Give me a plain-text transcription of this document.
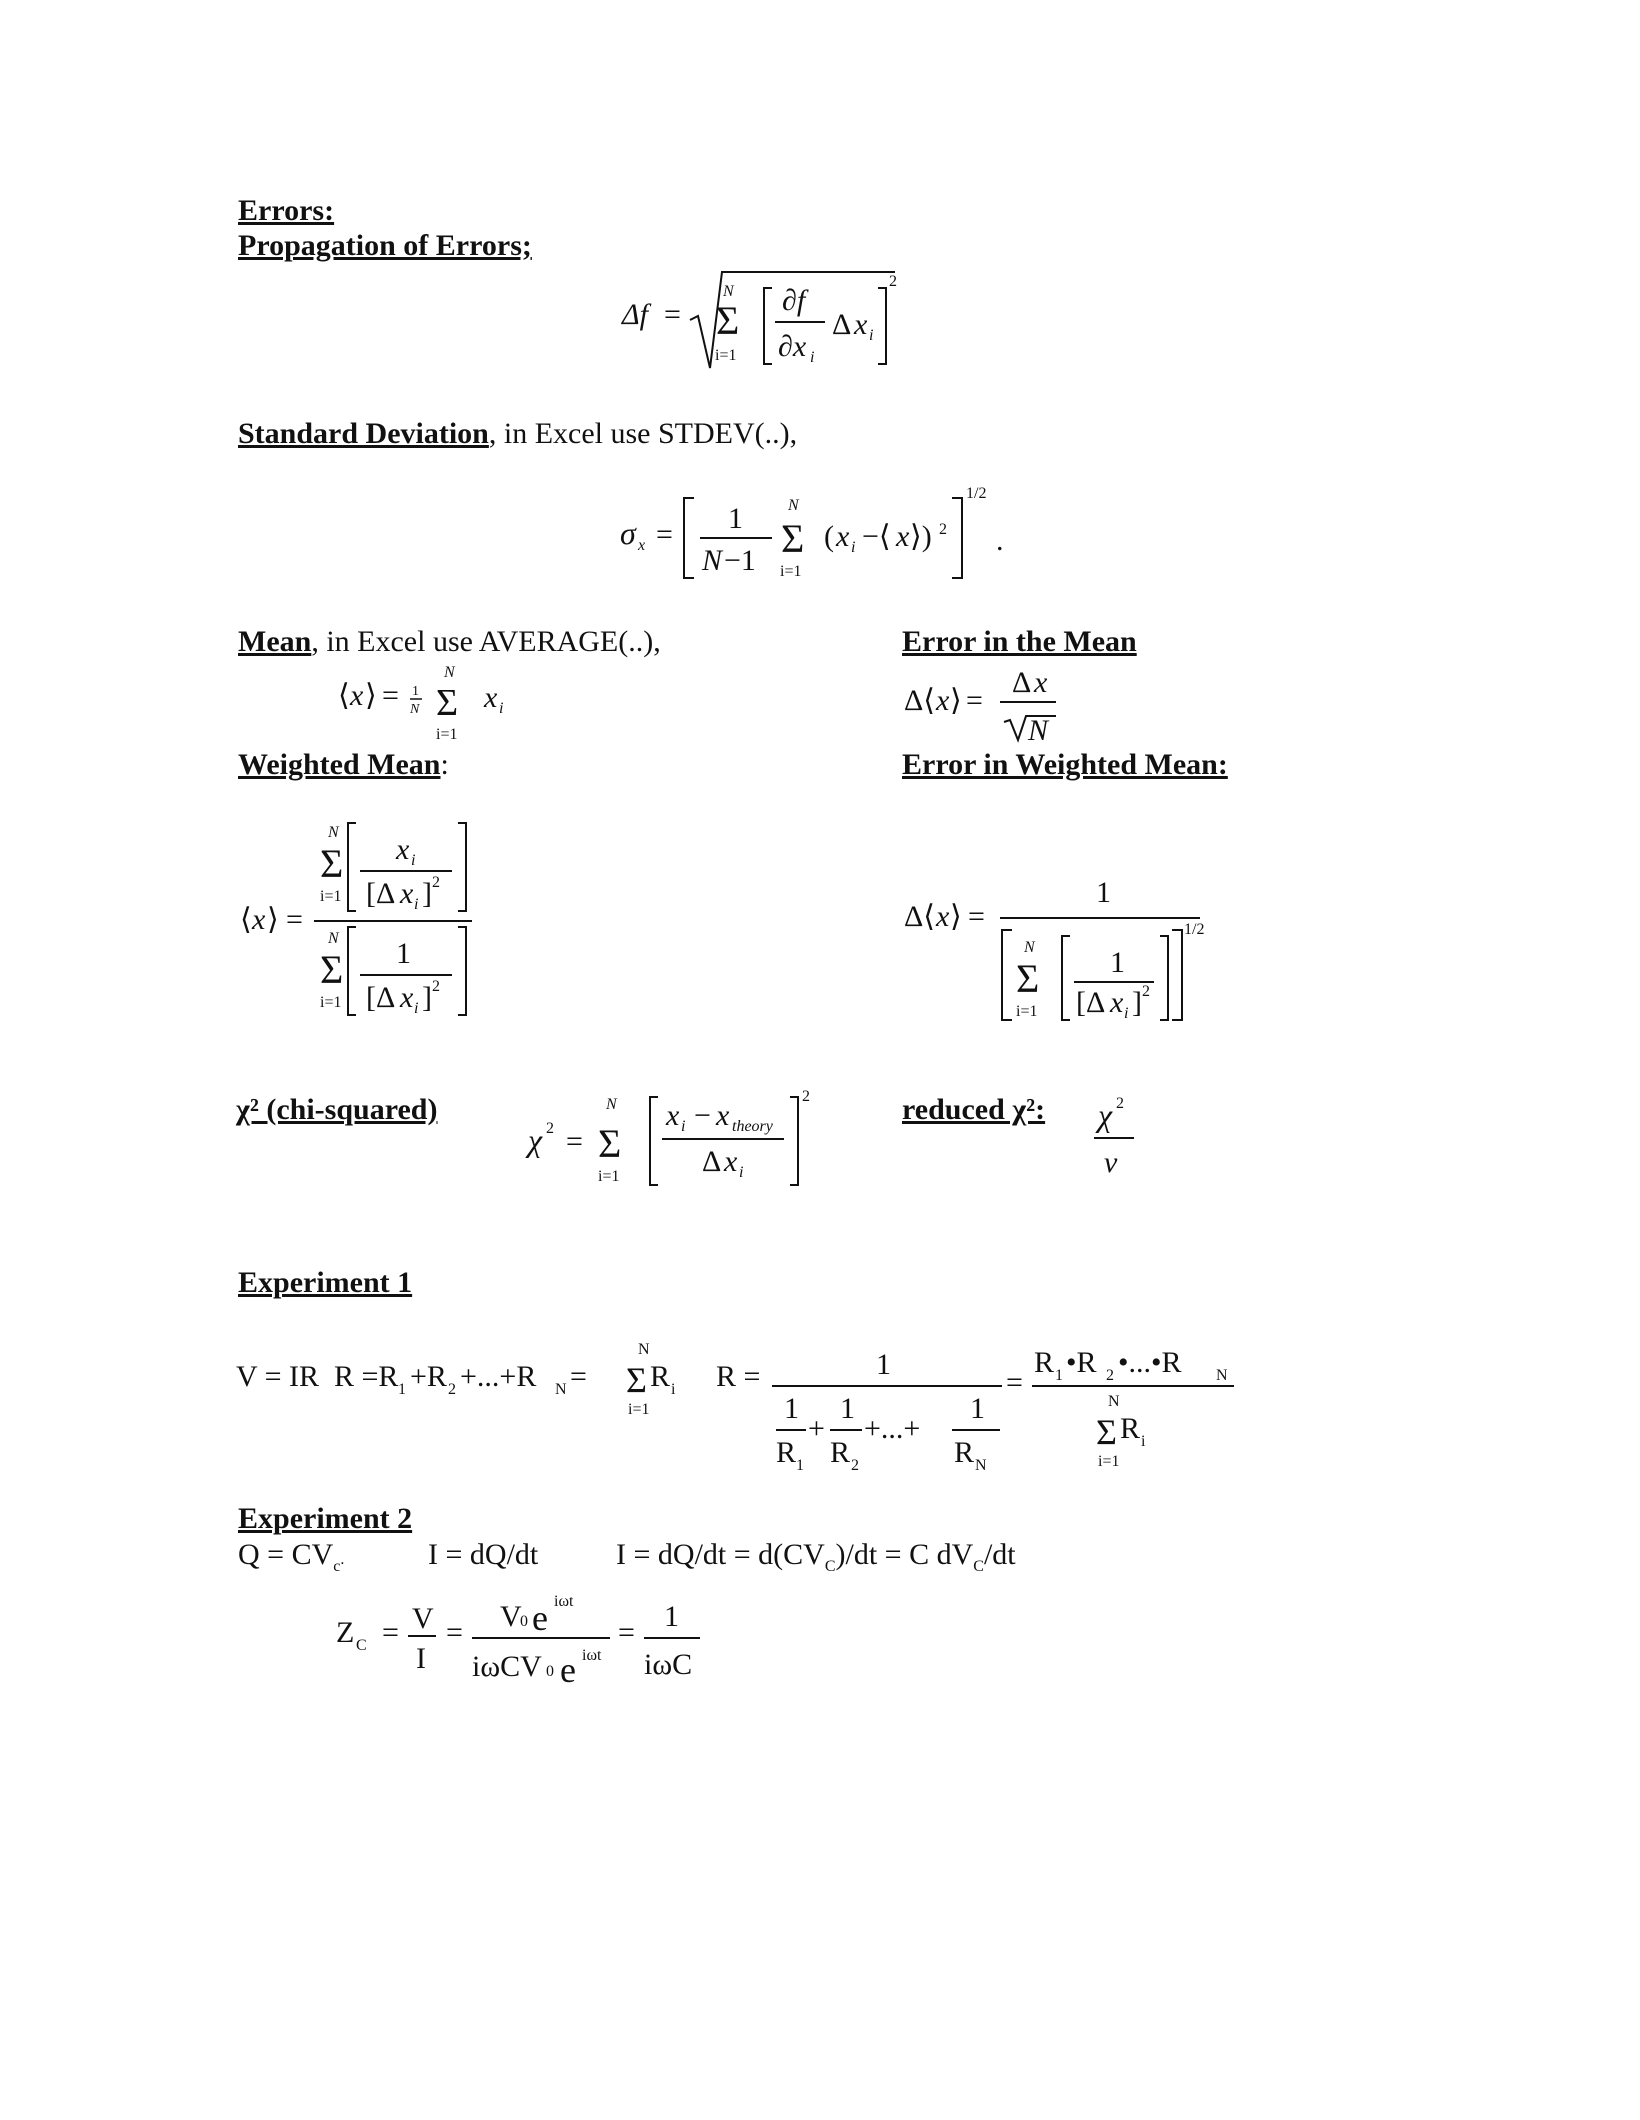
Errors:
Propagation of Errors;
Δf =
N
Σ
i=1
∂f
∂x i
Δ x i
2
Standard Deviation, in Excel use STDEV(..),
σ x = 1
N −1
N
Σ
i=1
( x i −⟨ x ⟩) 2
1/2
.
Mean, in Excel use AVERAGE(..),	Error in the Mean
⟨ x ⟩ = 1
N
N
Σ
i=1
x i	Δ⟨ x ⟩ =
Δ x
N
Weighted Mean:	Error in Weighted Mean:
⟨ x ⟩ =
N
Σ
i=1
x i
[Δ x i ] 2
N
Σ
i=1
1
[Δ x i ] 2
Δ⟨ x ⟩ =
1
N
Σ
i=1
1
[Δ x i ] 2
1/2
χ² (chi-squared)	reduced χ²:
χ 2 =
N
Σ
i=1
x i − x theory
Δ x i
2
χ 2
ν
Experiment 1
V = IR R =R 1 +R 2 +...+R N =
N
Σ
i=1
R i R =	1
1
R 1
+
1
R 2
+...+
1
R N
=
R 1 •R 2 •...•R N
N
Σ
i=1
R i
Experiment 2
$Q = CV_c$.	I = dQ/dt	$I = dQ/dt = d(CV_C)/dt = C$ $dV_C/dt$
Z C = V
I
= V
0 e iωt
iωCV 0 e iωt
= 1
iωC
